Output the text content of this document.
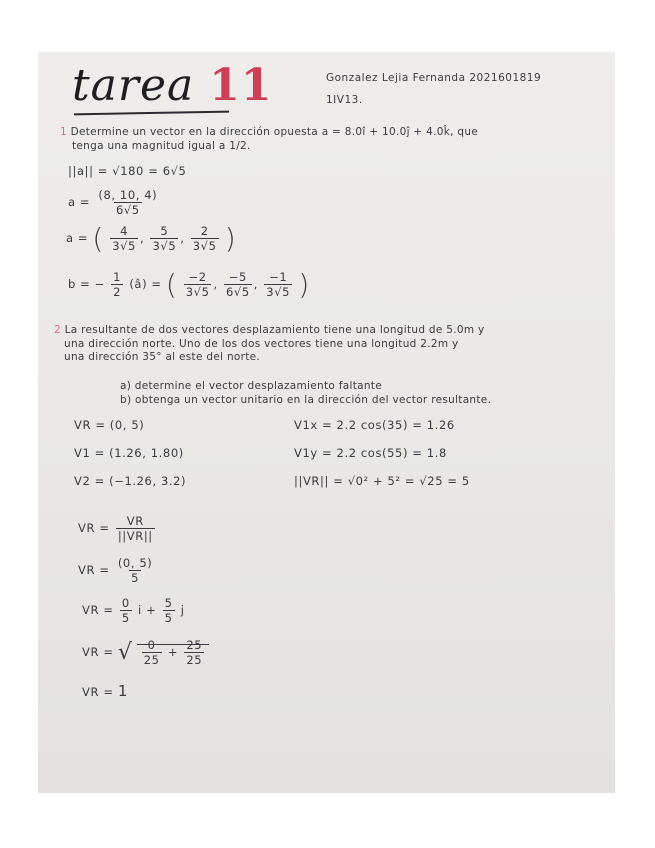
tarea 11	Gonzalez Lejia Fernanda 2021601819
1IV13.
1 Determine un vector en la dirección opuesta a = 8.0î + 10.0ĵ + 4.0k̂, que
tenga una magnitud igual a 1/2.
||a|| = √180 = 6√5
$a = \frac{(8, 10, 4)}{6√5}$
a = ( $\frac{4}{3√5}$ , $\frac{5}{3√5}$ , $\frac{2}{3√5}$ )
b = − $\frac{1}{2}$ (â) = ( $\frac{-2}{3√5}$ , $\frac{-5}{6√5}$ , $\frac{-1}{3√5}$ )
2 La resultante de dos vectores desplazamiento tiene una longitud de 5.0m y
una dirección norte. Uno de los dos vectores tiene una longitud 2.2m y
una dirección 35° al este del norte.
a) determine el vector desplazamiento faltante
b) obtenga un vector unitario en la dirección del vector resultante.
VR = (0, 5)
V1 = (1.26, 1.80)
V2 = (−1.26, 3.2)
V1x = 2.2 cos(35) = 1.26
V1y = 2.2 cos(55) = 1.8
||VR|| = √0² + 5² = √25 = 5
VR = $\frac{VR}{||VR||}$
VR = $\frac{(0, 5)}{5}$
VR = $\frac{0}{5}$ $i + \frac{5}{5}$ j
VR = √ $\frac{0}{25} + \frac{25}{25}$
VR = 1
